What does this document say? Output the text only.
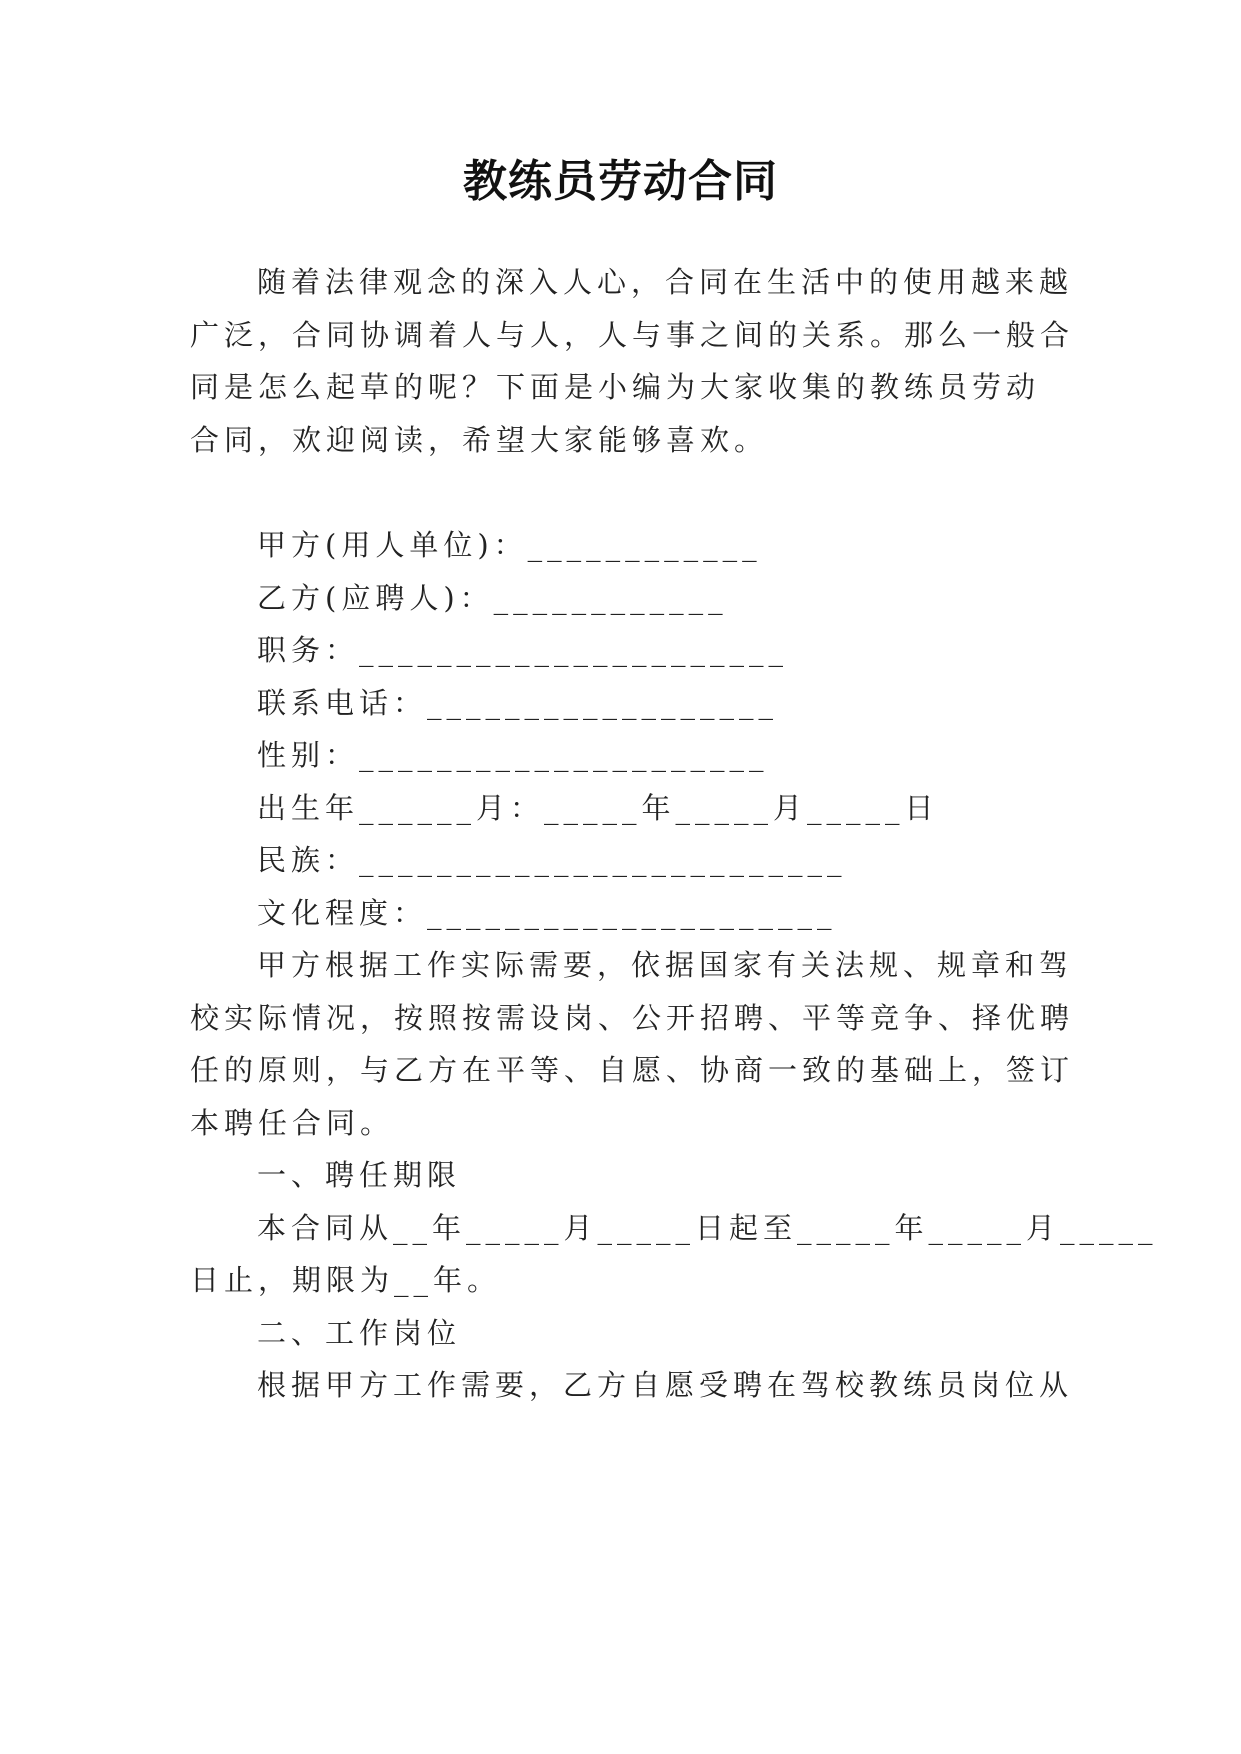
教练员劳动合同
随着法律观念的深入人心，合同在生活中的使用越来越
广泛，合同协调着人与人，人与事之间的关系。那么一般合
同是怎么起草的呢？下面是小编为大家收集的教练员劳动
合同，欢迎阅读，希望大家能够喜欢。
甲方(用人单位)：____________
乙方(应聘人)：____________
职务：______________________
联系电话：__________________
性别：_____________________
出生年______月：_____年_____月_____日
民族：_________________________
文化程度：_____________________
甲方根据工作实际需要，依据国家有关法规、规章和驾
校实际情况，按照按需设岗、公开招聘、平等竞争、择优聘
任的原则，与乙方在平等、自愿、协商一致的基础上，签订
本聘任合同。
一、聘任期限
本合同从__年_____月_____日起至_____年_____月_____
日止，期限为__年。
二、工作岗位
根据甲方工作需要，乙方自愿受聘在驾校教练员岗位从
